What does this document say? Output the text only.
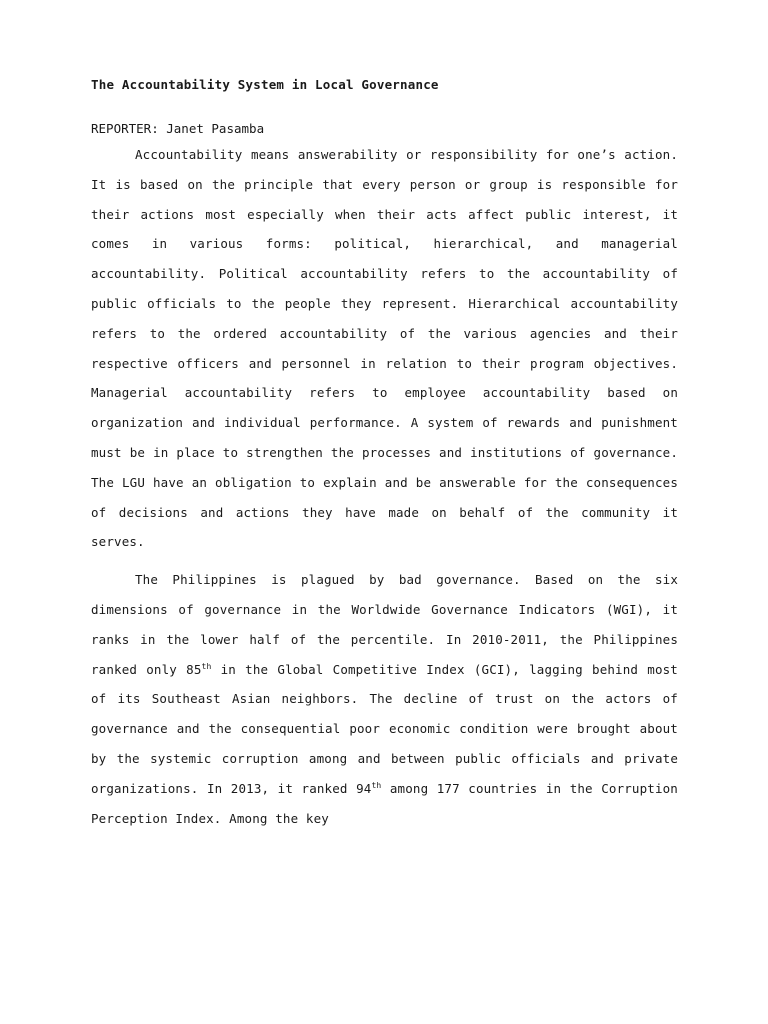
The Accountability System in Local Governance
REPORTER: Janet Pasamba

Accountability means answerability or responsibility for one’s action. It is based on the principle that every person or group is responsible for their actions most especially when their acts affect public interest, it comes in various forms: political, hierarchical, and managerial accountability. Political accountability refers to the accountability of public officials to the people they represent. Hierarchical accountability refers to the ordered accountability of the various agencies and their respective officers and personnel in relation to their program objectives. Managerial accountability refers to employee accountability based on organization and individual performance. A system of rewards and punishment must be in place to strengthen the processes and institutions of governance. The LGU have an obligation to explain and be answerable for the consequences of decisions and actions they have made on behalf of the community it serves.

The Philippines is plagued by bad governance. Based on the six dimensions of governance in the Worldwide Governance Indicators (WGI), it ranks in the lower half of the percentile. In 2010-2011, the Philippines ranked only 85th in the Global Competitive Index (GCI), lagging behind most of its Southeast Asian neighbors. The decline of trust on the actors of governance and the consequential poor economic condition were brought about by the systemic corruption among and between public officials and private organizations. In 2013, it ranked 94th among 177 countries in the Corruption Perception Index. Among the key
